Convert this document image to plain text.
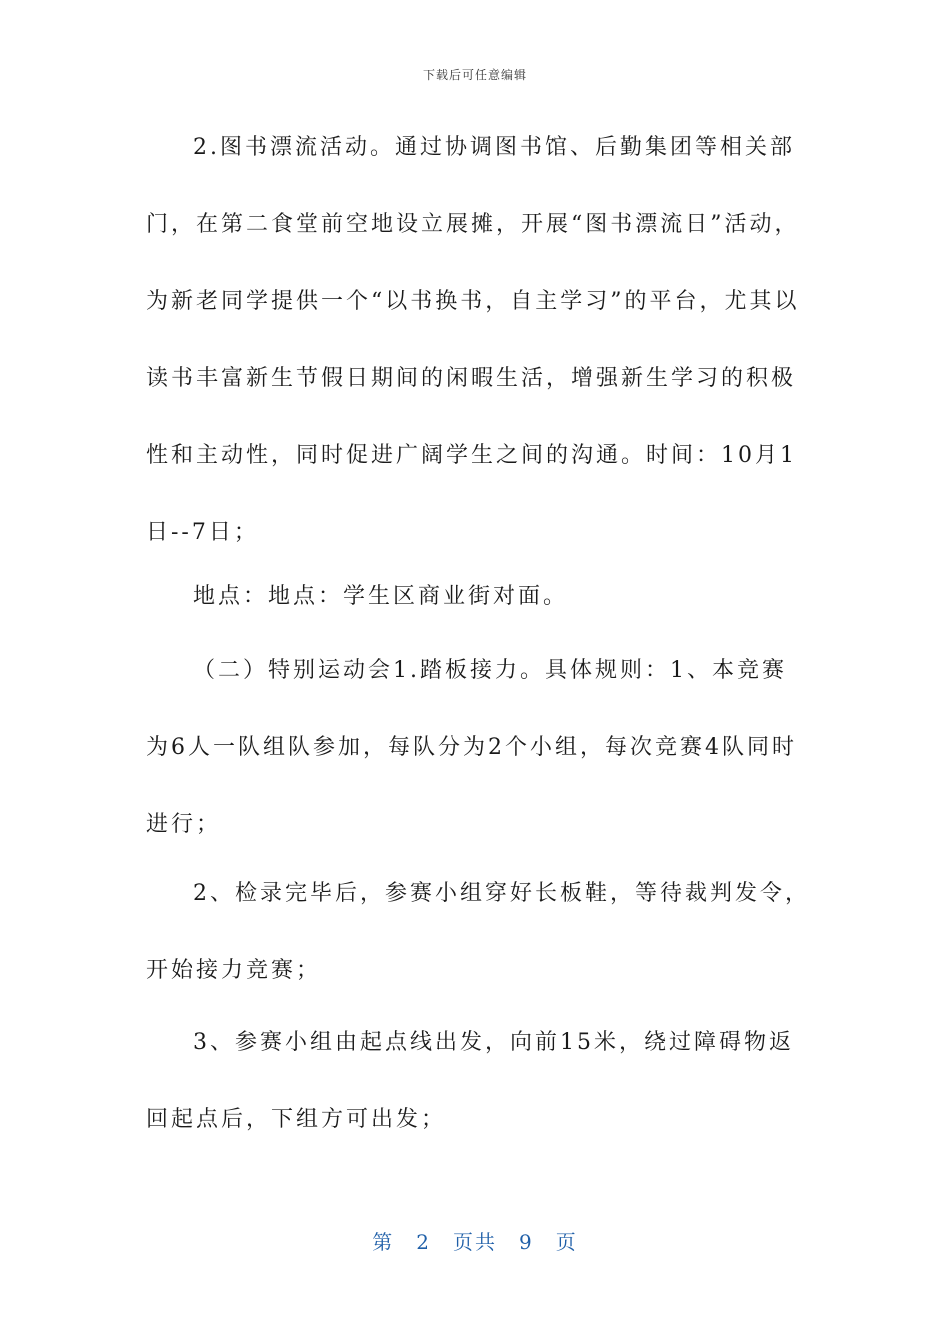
下载后可任意编辑

2.图书漂流活动。通过协调图书馆、后勤集团等相关部门，在第二食堂前空地设立展摊，开展“图书漂流日”活动，为新老同学提供一个“以书换书，自主学习”的平台，尤其以读书丰富新生节假日期间的闲暇生活，增强新生学习的积极性和主动性，同时促进广阔学生之间的沟通。时间：10月1日--7日；

地点：地点：学生区商业街对面。

（二）特别运动会1.踏板接力。具体规则：1、本竞赛为6人一队组队参加，每队分为2个小组，每次竞赛4队同时进行；

2、检录完毕后，参赛小组穿好长板鞋，等待裁判发令，开始接力竞赛；

3、参赛小组由起点线出发，向前15米，绕过障碍物返回起点后，下组方可出发；

第 2 页共 9 页
